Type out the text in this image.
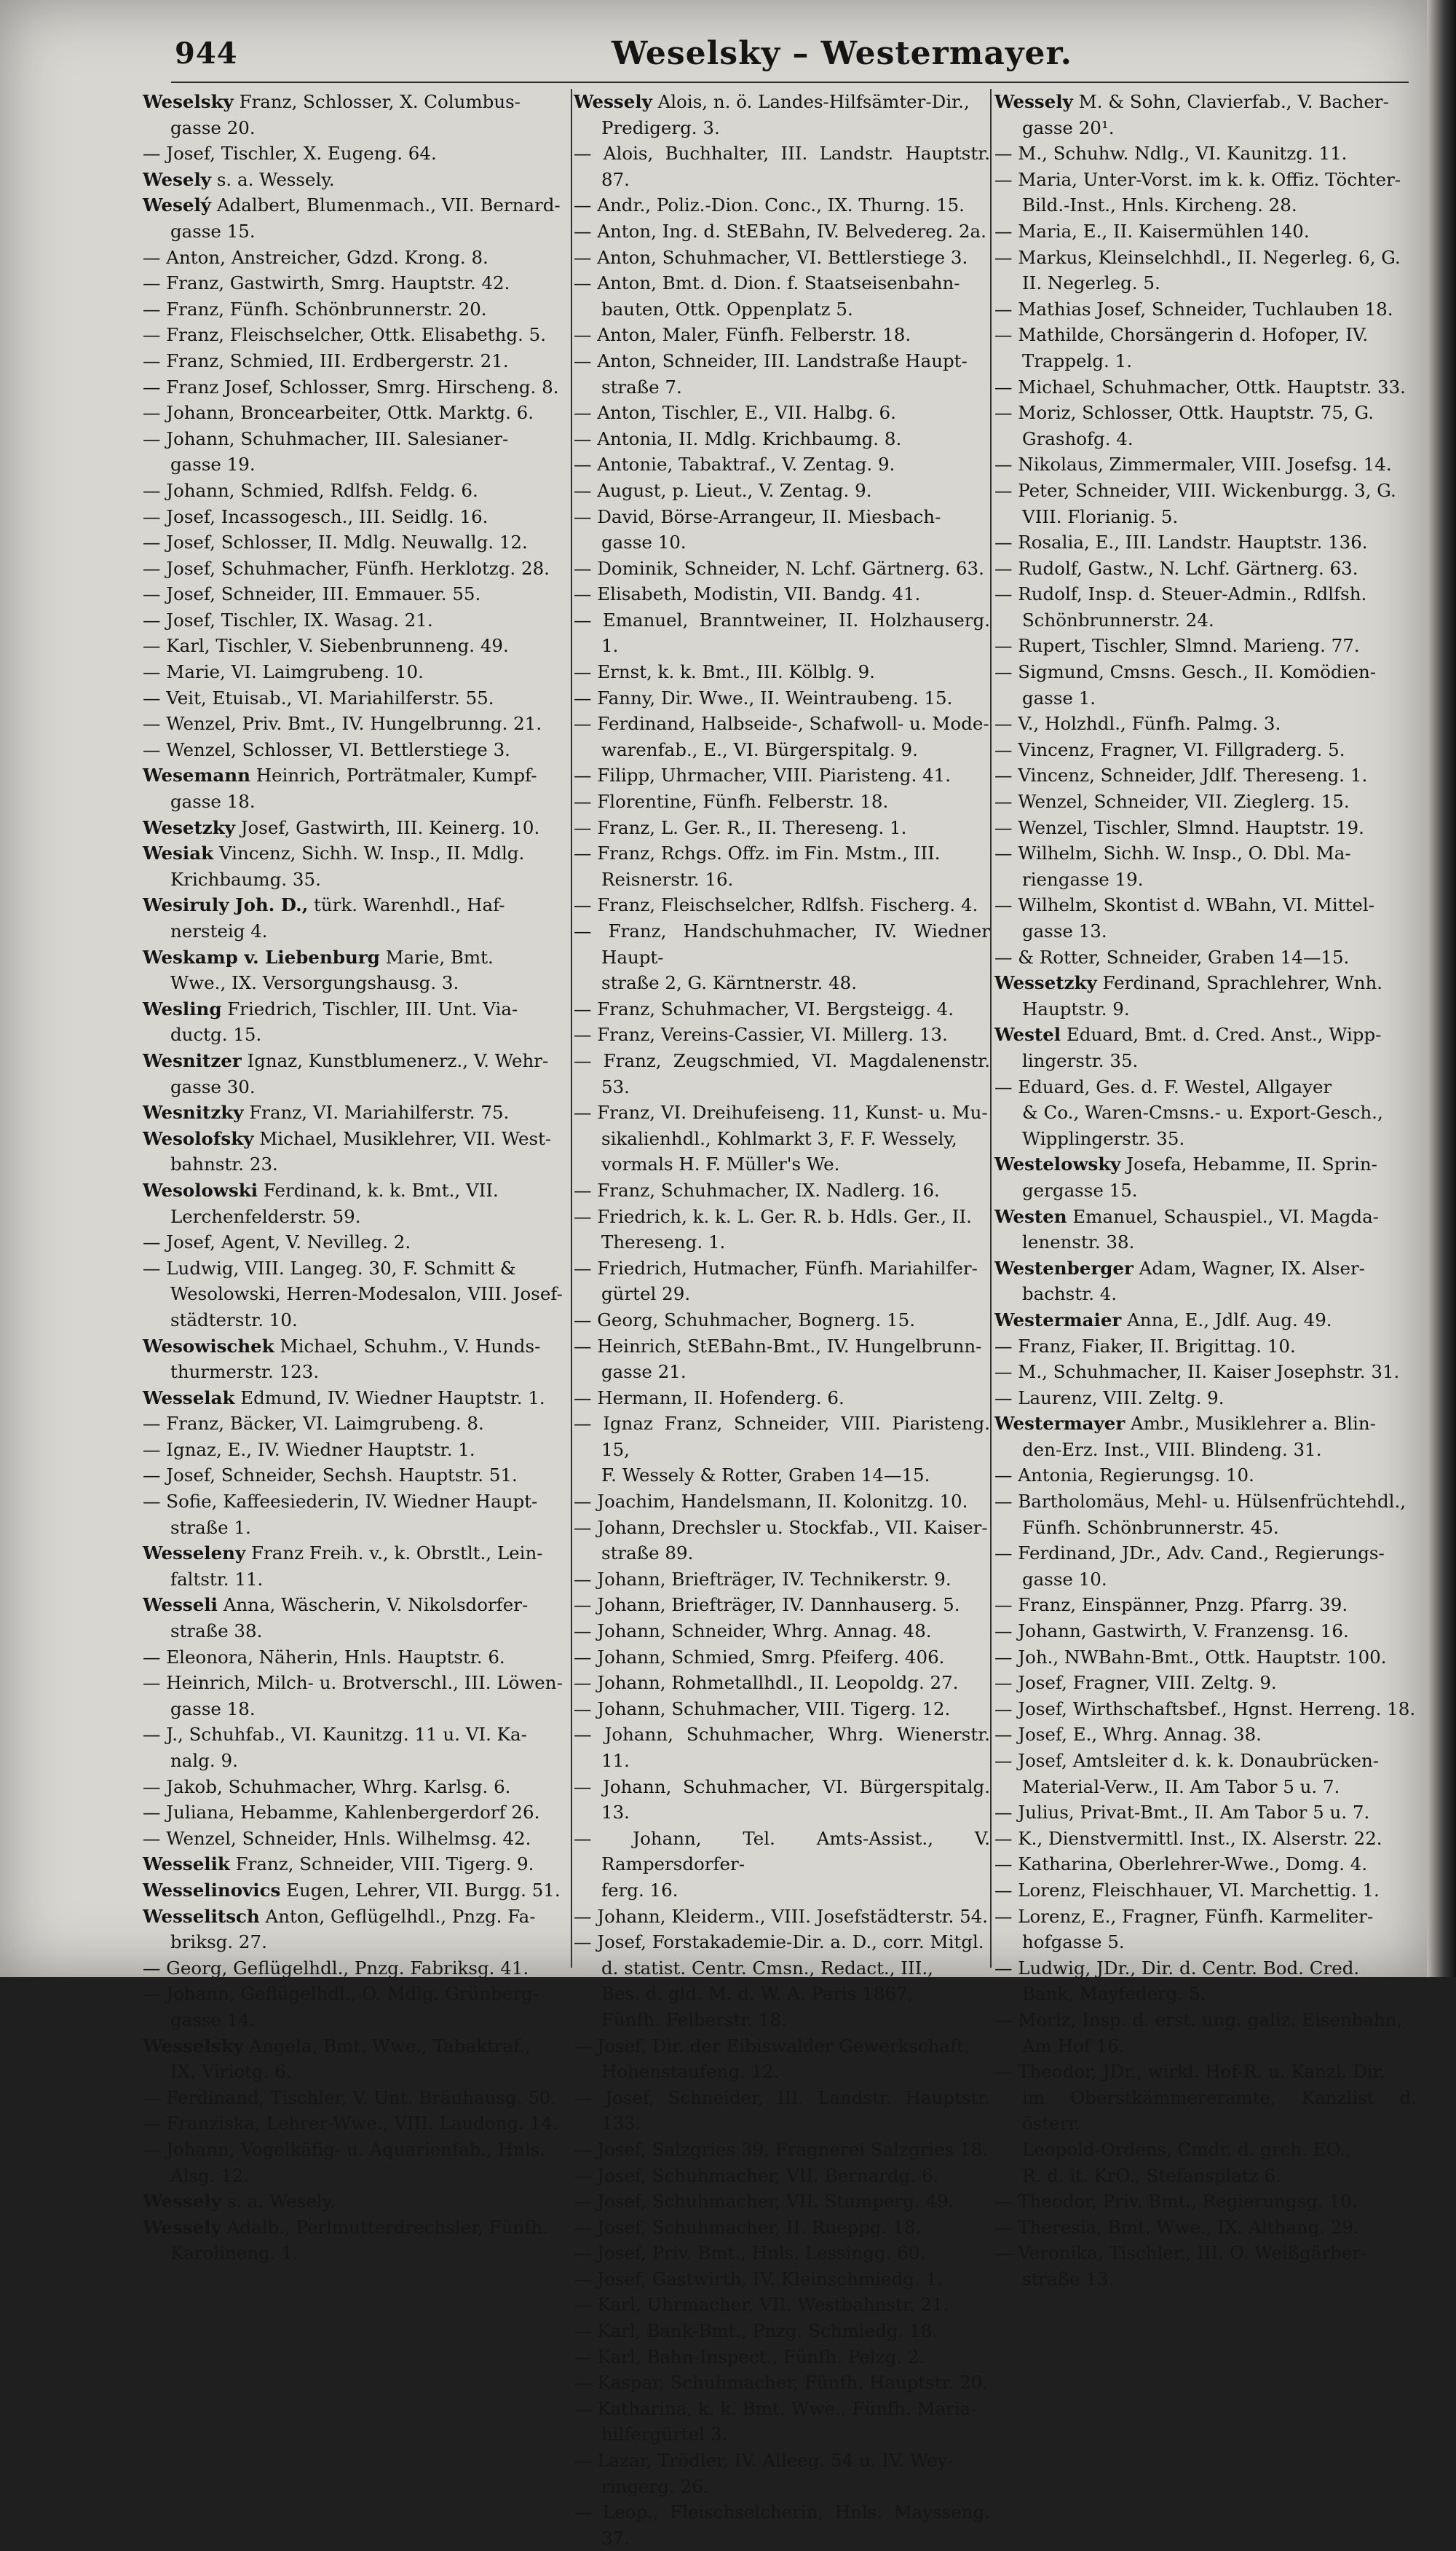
944	Weselsky – Westermayer.
Weselsky Franz, Schlosser, X. Columbus-
gasse 20.
— Josef, Tischler, X. Eugeng. 64.
Wesely s. a. Wessely.
Weselý Adalbert, Blumenmach., VII. Bernard-
gasse 15.
— Anton, Anstreicher, Gdzd. Krong. 8.
— Franz, Gastwirth, Smrg. Hauptstr. 42.
— Franz, Fünfh. Schönbrunnerstr. 20.
— Franz, Fleischselcher, Ottk. Elisabethg. 5.
— Franz, Schmied, III. Erdbergerstr. 21.
— Franz Josef, Schlosser, Smrg. Hirscheng. 8.
— Johann, Broncearbeiter, Ottk. Marktg. 6.
— Johann, Schuhmacher, III. Salesianer-
gasse 19.
— Johann, Schmied, Rdlfsh. Feldg. 6.
— Josef, Incassogesch., III. Seidlg. 16.
— Josef, Schlosser, II. Mdlg. Neuwallg. 12.
— Josef, Schuhmacher, Fünfh. Herklotzg. 28.
— Josef, Schneider, III. Emmauer. 55.
— Josef, Tischler, IX. Wasag. 21.
— Karl, Tischler, V. Siebenbrunneng. 49.
— Marie, VI. Laimgrubeng. 10.
— Veit, Etuisab., VI. Mariahilferstr. 55.
— Wenzel, Priv. Bmt., IV. Hungelbrunng. 21.
— Wenzel, Schlosser, VI. Bettlerstiege 3.
Wesemann Heinrich, Porträtmaler, Kumpf-
gasse 18.
Wesetzky Josef, Gastwirth, III. Keinerg. 10.
Wesiak Vincenz, Sichh. W. Insp., II. Mdlg.
Krichbaumg. 35.
Wesiruly Joh. D., türk. Warenhdl., Haf-
nersteig 4.
Weskamp v. Liebenburg Marie, Bmt.
Wwe., IX. Versorgungshausg. 3.
Wesling Friedrich, Tischler, III. Unt. Via-
ductg. 15.
Wesnitzer Ignaz, Kunstblumenerz., V. Wehr-
gasse 30.
Wesnitzky Franz, VI. Mariahilferstr. 75.
Wesolofsky Michael, Musiklehrer, VII. West-
bahnstr. 23.
Wesolowski Ferdinand, k. k. Bmt., VII.
Lerchenfelderstr. 59.
— Josef, Agent, V. Nevilleg. 2.
— Ludwig, VIII. Langeg. 30, F. Schmitt &
Wesolowski, Herren-Modesalon, VIII. Josef-
städterstr. 10.
Wesowischek Michael, Schuhm., V. Hunds-
thurmerstr. 123.
Wesselak Edmund, IV. Wiedner Hauptstr. 1.
— Franz, Bäcker, VI. Laimgrubeng. 8.
— Ignaz, E., IV. Wiedner Hauptstr. 1.
— Josef, Schneider, Sechsh. Hauptstr. 51.
— Sofie, Kaffeesiederin, IV. Wiedner Haupt-
straße 1.
Wesseleny Franz Freih. v., k. Obrstlt., Lein-
faltstr. 11.
Wesseli Anna, Wäscherin, V. Nikolsdorfer-
straße 38.
— Eleonora, Näherin, Hnls. Hauptstr. 6.
— Heinrich, Milch- u. Brotverschl., III. Löwen-
gasse 18.
— J., Schuhfab., VI. Kaunitzg. 11 u. VI. Ka-
nalg. 9.
— Jakob, Schuhmacher, Whrg. Karlsg. 6.
— Juliana, Hebamme, Kahlenbergerdorf 26.
— Wenzel, Schneider, Hnls. Wilhelmsg. 42.
Wesselik Franz, Schneider, VIII. Tigerg. 9.
Wesselinovics Eugen, Lehrer, VII. Burgg. 51.
Wesselitsch Anton, Geflügelhdl., Pnzg. Fa-
briksg. 27.
— Georg, Geflügelhdl., Pnzg. Fabriksg. 41.
— Johann, Geflügelhdl., O. Mdlg. Grünberg-
gasse 14.
Wesselsky Angela, Bmt. Wwe., Tabaktraf.,
IX. Viriotg. 6.
— Ferdinand, Tischler, V. Unt. Bräuhausg. 50.
— Franziska, Lehrer-Wwe., VIII. Laudong. 14.
— Johann, Vogelkäfig- u. Aquarienfab., Hnls.
Alsg. 12.
Wessely s. a. Wesely.
Wessely Adalb., Perlmutterdrechsler, Fünfh.
Karolineng. 1.
Wessely Alois, n. ö. Landes-Hilfsämter-Dir.,
Predigerg. 3.
— Alois, Buchhalter, III. Landstr. Hauptstr. 87.
— Andr., Poliz.-Dion. Conc., IX. Thurng. 15.
— Anton, Ing. d. StEBahn, IV. Belvedereg. 2a.
— Anton, Schuhmacher, VI. Bettlerstiege 3.
— Anton, Bmt. d. Dion. f. Staatseisenbahn-
bauten, Ottk. Oppenplatz 5.
— Anton, Maler, Fünfh. Felberstr. 18.
— Anton, Schneider, III. Landstraße Haupt-
straße 7.
— Anton, Tischler, E., VII. Halbg. 6.
— Antonia, II. Mdlg. Krichbaumg. 8.
— Antonie, Tabaktraf., V. Zentag. 9.
— August, p. Lieut., V. Zentag. 9.
— David, Börse-Arrangeur, II. Miesbach-
gasse 10.
— Dominik, Schneider, N. Lchf. Gärtnerg. 63.
— Elisabeth, Modistin, VII. Bandg. 41.
— Emanuel, Branntweiner, II. Holzhauserg. 1.
— Ernst, k. k. Bmt., III. Kölblg. 9.
— Fanny, Dir. Wwe., II. Weintraubeng. 15.
— Ferdinand, Halbseide-, Schafwoll- u. Mode-
warenfab., E., VI. Bürgerspitalg. 9.
— Filipp, Uhrmacher, VIII. Piaristeng. 41.
— Florentine, Fünfh. Felberstr. 18.
— Franz, L. Ger. R., II. Thereseng. 1.
— Franz, Rchgs. Offz. im Fin. Mstm., III.
Reisnerstr. 16.
— Franz, Fleischselcher, Rdlfsh. Fischerg. 4.
— Franz, Handschuhmacher, IV. Wiedner Haupt-
straße 2, G. Kärntnerstr. 48.
— Franz, Schuhmacher, VI. Bergsteigg. 4.
— Franz, Vereins-Cassier, VI. Millerg. 13.
— Franz, Zeugschmied, VI. Magdalenenstr. 53.
— Franz, VI. Dreihufeiseng. 11, Kunst- u. Mu-
sikalienhdl., Kohlmarkt 3, F. F. Wessely,
vormals H. F. Müller's We.
— Franz, Schuhmacher, IX. Nadlerg. 16.
— Friedrich, k. k. L. Ger. R. b. Hdls. Ger., II.
Thereseng. 1.
— Friedrich, Hutmacher, Fünfh. Mariahilfer-
gürtel 29.
— Georg, Schuhmacher, Bognerg. 15.
— Heinrich, StEBahn-Bmt., IV. Hungelbrunn-
gasse 21.
— Hermann, II. Hofenderg. 6.
— Ignaz Franz, Schneider, VIII. Piaristeng. 15,
F. Wessely & Rotter, Graben 14—15.
— Joachim, Handelsmann, II. Kolonitzg. 10.
— Johann, Drechsler u. Stockfab., VII. Kaiser-
straße 89.
— Johann, Briefträger, IV. Technikerstr. 9.
— Johann, Briefträger, IV. Dannhauserg. 5.
— Johann, Schneider, Whrg. Annag. 48.
— Johann, Schmied, Smrg. Pfeiferg. 406.
— Johann, Rohmetallhdl., II. Leopoldg. 27.
— Johann, Schuhmacher, VIII. Tigerg. 12.
— Johann, Schuhmacher, Whrg. Wienerstr. 11.
— Johann, Schuhmacher, VI. Bürgerspitalg. 13.
— Johann, Tel. Amts-Assist., V. Rampersdorfer-
ferg. 16.
— Johann, Kleiderm., VIII. Josefstädterstr. 54.
— Josef, Forstakademie-Dir. a. D., corr. Mitgl.
d. statist. Centr. Cmsn., Redact., III.,
Bes. d. gld. M. d. W. A. Paris 1867,
Fünfh. Felberstr. 18.
— Josef, Dir. der Eibiswalder Gewerkschaft,
Hohenstaufeng. 12.
— Josef, Schneider, III. Landstr. Hauptstr. 133.
— Josef, Salzgries 39, Fragnerei Salzgries 18.
— Josef, Schuhmacher, VII. Bernardg. 6.
— Josef, Schuhmacher, VII. Stumperg. 49.
— Josef, Schuhmacher, II. Rueppg. 18.
— Josef, Priv. Bmt., Hnls. Lessingg. 60.
— Josef, Gastwirth, IV. Kleinschmiedg. 1.
— Karl, Uhrmacher, VII. Westbahnstr. 21.
— Karl, Bank-Bmt., Pnzg. Schmiedg. 18.
— Karl, Bahn-Inspect., Fünfh. Pelzg. 2.
— Kaspar, Schuhmacher, Fünfh. Hauptstr. 20.
— Katharina, k. k. Bmt. Wwe., Fünfh. Maria-
hilfergürtel 3.
— Lazar, Trödler, IV. Alleeg. 54 u. IV. Wey-
ringerg. 26.
— Leop., Fleischselcherin, Hnls. Maysseng. 37.
Wessely M. & Sohn, Clavierfab., V. Bacher-
gasse 20¹.
— M., Schuhw. Ndlg., VI. Kaunitzg. 11.
— Maria, Unter-Vorst. im k. k. Offiz. Töchter-
Bild.-Inst., Hnls. Kircheng. 28.
— Maria, E., II. Kaisermühlen 140.
— Markus, Kleinselchhdl., II. Negerleg. 6, G.
II. Negerleg. 5.
— Mathias Josef, Schneider, Tuchlauben 18.
— Mathilde, Chorsängerin d. Hofoper, IV.
Trappelg. 1.
— Michael, Schuhmacher, Ottk. Hauptstr. 33.
— Moriz, Schlosser, Ottk. Hauptstr. 75, G.
Grashofg. 4.
— Nikolaus, Zimmermaler, VIII. Josefsg. 14.
— Peter, Schneider, VIII. Wickenburgg. 3, G.
VIII. Florianig. 5.
— Rosalia, E., III. Landstr. Hauptstr. 136.
— Rudolf, Gastw., N. Lchf. Gärtnerg. 63.
— Rudolf, Insp. d. Steuer-Admin., Rdlfsh.
Schönbrunnerstr. 24.
— Rupert, Tischler, Slmnd. Marieng. 77.
— Sigmund, Cmsns. Gesch., II. Komödien-
gasse 1.
— V., Holzhdl., Fünfh. Palmg. 3.
— Vincenz, Fragner, VI. Fillgraderg. 5.
— Vincenz, Schneider, Jdlf. Thereseng. 1.
— Wenzel, Schneider, VII. Zieglerg. 15.
— Wenzel, Tischler, Slmnd. Hauptstr. 19.
— Wilhelm, Sichh. W. Insp., O. Dbl. Ma-
riengasse 19.
— Wilhelm, Skontist d. WBahn, VI. Mittel-
gasse 13.
— & Rotter, Schneider, Graben 14—15.
Wessetzky Ferdinand, Sprachlehrer, Wnh.
Hauptstr. 9.
Westel Eduard, Bmt. d. Cred. Anst., Wipp-
lingerstr. 35.
— Eduard, Ges. d. F. Westel, Allgayer
& Co., Waren-Cmsns.- u. Export-Gesch.,
Wipplingerstr. 35.
Westelowsky Josefa, Hebamme, II. Sprin-
gergasse 15.
Westen Emanuel, Schauspiel., VI. Magda-
lenenstr. 38.
Westenberger Adam, Wagner, IX. Alser-
bachstr. 4.
Westermaier Anna, E., Jdlf. Aug. 49.
— Franz, Fiaker, II. Brigittag. 10.
— M., Schuhmacher, II. Kaiser Josephstr. 31.
— Laurenz, VIII. Zeltg. 9.
Westermayer Ambr., Musiklehrer a. Blin-
den-Erz. Inst., VIII. Blindeng. 31.
— Antonia, Regierungsg. 10.
— Bartholomäus, Mehl- u. Hülsenfrüchtehdl.,
Fünfh. Schönbrunnerstr. 45.
— Ferdinand, JDr., Adv. Cand., Regierungs-
gasse 10.
— Franz, Einspänner, Pnzg. Pfarrg. 39.
— Johann, Gastwirth, V. Franzensg. 16.
— Joh., NWBahn-Bmt., Ottk. Hauptstr. 100.
— Josef, Fragner, VIII. Zeltg. 9.
— Josef, Wirthschaftsbef., Hgnst. Herreng. 18.
— Josef, E., Whrg. Annag. 38.
— Josef, Amtsleiter d. k. k. Donaubrücken-
Material-Verw., II. Am Tabor 5 u. 7.
— Julius, Privat-Bmt., II. Am Tabor 5 u. 7.
— K., Dienstvermittl. Inst., IX. Alserstr. 22.
— Katharina, Oberlehrer-Wwe., Domg. 4.
— Lorenz, Fleischhauer, VI. Marchettig. 1.
— Lorenz, E., Fragner, Fünfh. Karmeliter-
hofgasse 5.
— Ludwig, JDr., Dir. d. Centr. Bod. Cred.
Bank, Mayfederg. 5.
— Moriz, Insp. d. erst. ung. galiz. Eisenbahn,
Am Hof 16.
— Theodor, JDr., wirkl. Hof-R. u. Kanzl. Dir.
im Oberstkämmereramte, Kanzlist d. österr.
Leopold-Ordens, Cmdr. d. grch. EO.,
R. d. it. KrO., Stefansplatz 6.
— Theodor, Priv. Bmt., Regierungsg. 10.
— Theresia, Bmt. Wwe., IX. Althang. 29.
— Veronika, Tischler., III. O. Weißgärber-
straße 13.
